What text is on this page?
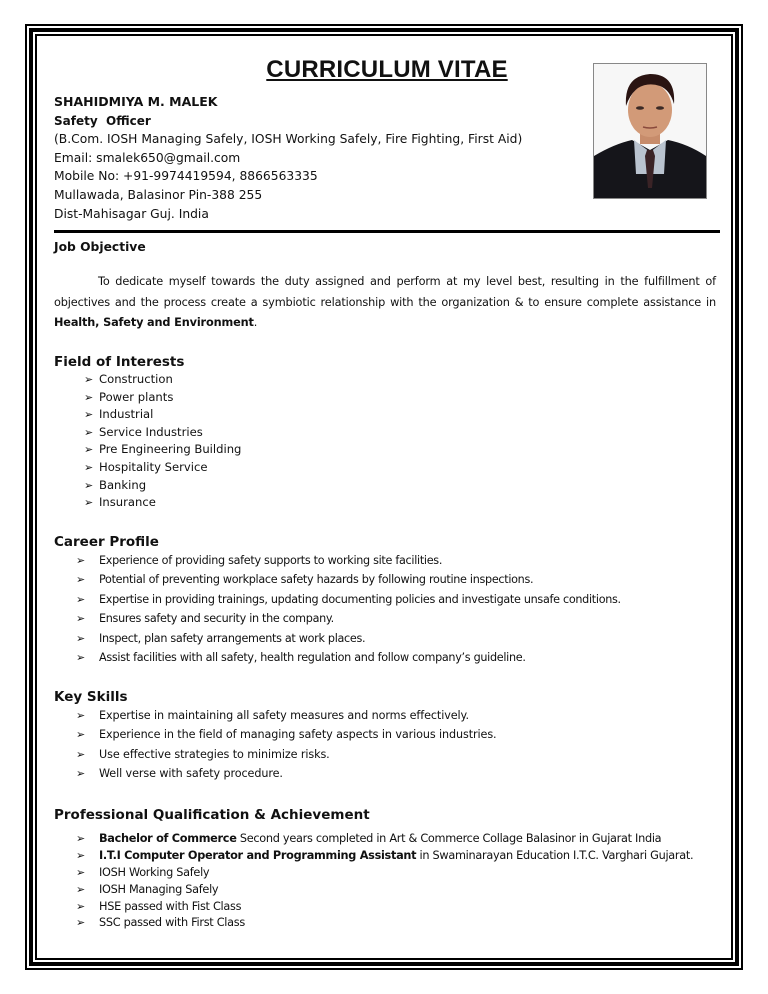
CURRICULUM VITAE
SHAHIDMIYA M. MALEK
Safety  Officer
(B.Com. IOSH Managing Safely, IOSH Working Safely, Fire Fighting, First Aid)
Email: smalek650@gmail.com
Mobile No: +91-9974419594, 8866563335
Mullawada, Balasinor Pin-388 255
Dist-Mahisagar Guj. India
Job Objective
To dedicate myself towards the duty assigned and perform at my level best, resulting in the fulfillment of objectives and the process create a symbiotic relationship with the organization & to ensure complete assistance in Health, Safety and Environment.
Field of Interests
➢ Construction
➢ Power plants
➢ Industrial
➢ Service Industries
➢ Pre Engineering Building
➢ Hospitality Service
➢ Banking
➢ Insurance
Career Profile
➢ Experience of providing safety supports to working site facilities.
➢ Potential of preventing workplace safety hazards by following routine inspections.
➢ Expertise in providing trainings, updating documenting policies and investigate unsafe conditions.
➢ Ensures safety and security in the company.
➢ Inspect, plan safety arrangements at work places.
➢ Assist facilities with all safety, health regulation and follow company’s guideline.
Key Skills
➢ Expertise in maintaining all safety measures and norms effectively.
➢ Experience in the field of managing safety aspects in various industries.
➢ Use effective strategies to minimize risks.
➢ Well verse with safety procedure.
Professional Qualification & Achievement
➢ Bachelor of Commerce Second years completed in Art & Commerce Collage Balasinor in Gujarat India
➢ I.T.I Computer Operator and Programming Assistant in Swaminarayan Education I.T.C. Varghari Gujarat.
➢ IOSH Working Safely
➢ IOSH Managing Safely
➢ HSE passed with Fist Class
➢ SSC passed with First Class
